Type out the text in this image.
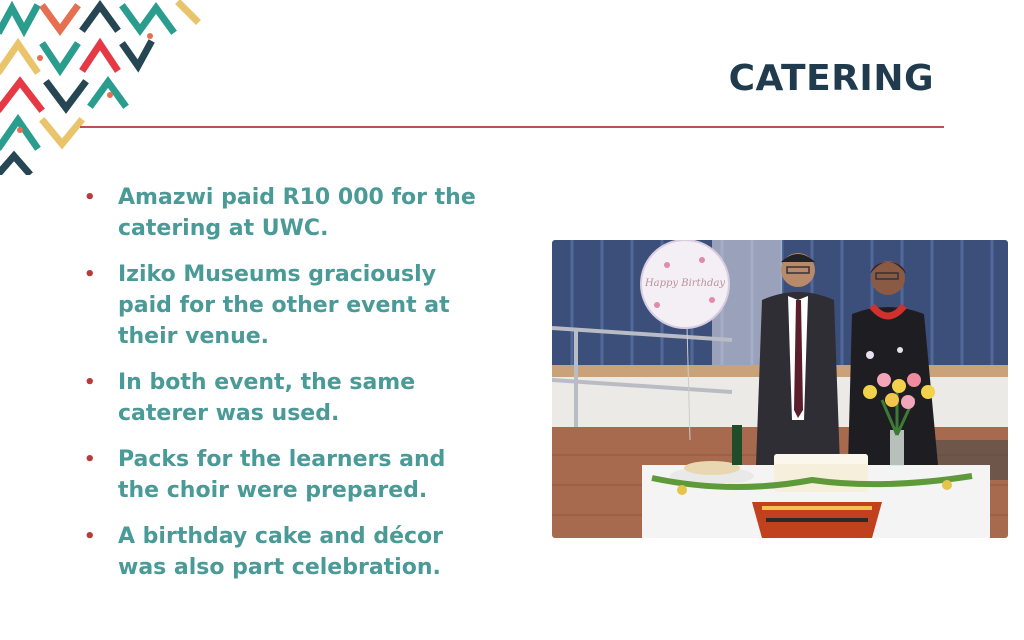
CATERING
• Amazwi paid R10 000 for the catering at UWC.
• Iziko Museums graciously paid for the other event at their venue.
• In both event, the same caterer was used.
• Packs for the learners and the choir were prepared.
• A birthday cake and décor was also part celebration.
Happy Birthday
